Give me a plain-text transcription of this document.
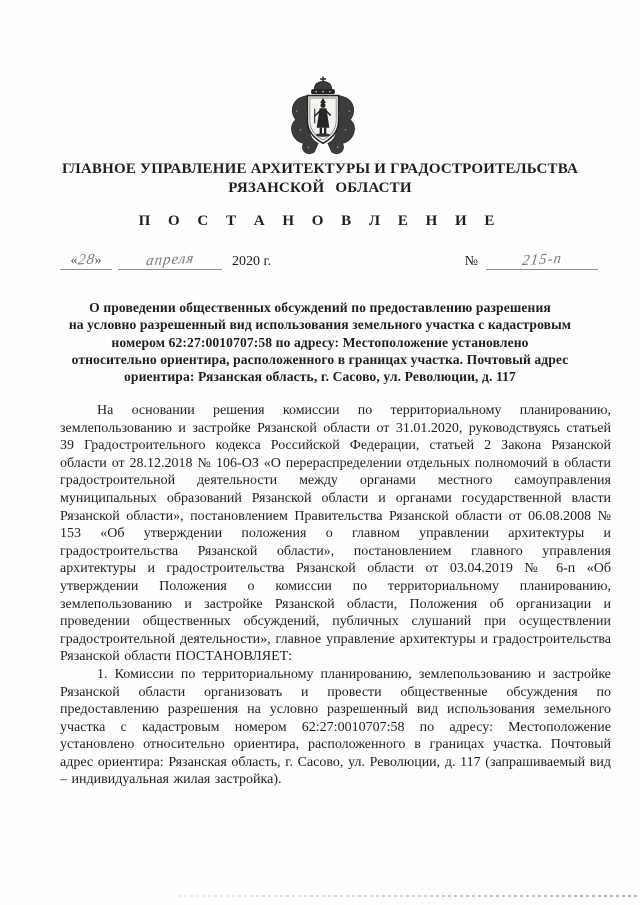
ГЛАВНОЕ УПРАВЛЕНИЕ АРХИТЕКТУРЫ И ГРАДОСТРОИТЕЛЬСТВА
РЯЗАНСКОЙ ОБЛАСТИ
П О С Т А Н О В Л Е Н И Е
«28»	апреля	2020 г.	№	215-п
О проведении общественных обсуждений по предоставлению разрешения
на условно разрешенный вид использования земельного участка с кадастровым
номером 62:27:0010707:58 по адресу: Местоположение установлено
относительно ориентира, расположенного в границах участка. Почтовый адрес
ориентира: Рязанская область, г. Сасово, ул. Революции, д. 117

На основании решения комиссии по территориальному планированию, землепользованию и застройке Рязанской области от 31.01.2020, руководствуясь статьей 39 Градостроительного кодекса Российской Федерации, статьей 2 Закона Рязанской области от 28.12.2018 № 106-ОЗ «О перераспределении отдельных полномочий в области градостроительной деятельности между органами местного самоуправления муниципальных образований Рязанской области и органами государственной власти Рязанской области», постановлением Правительства Рязанской области от 06.08.2008 № 153 «Об утверждении положения о главном управлении архитектуры и градостроительства Рязанской области», постановлением главного управления архитектуры и градостроительства Рязанской области от 03.04.2019 № 6-п «Об утверждении Положения о комиссии по территориальному планированию, землепользованию и застройке Рязанской области, Положения об организации и проведении общественных обсуждений, публичных слушаний при осуществлении градостроительной деятельности», главное управление архитектуры и градостроительства Рязанской области ПОСТАНОВЛЯЕТ:

1. Комиссии по территориальному планированию, землепользованию и застройке Рязанской области организовать и провести общественные обсуждения по предоставлению разрешения на условно разрешенный вид использования земельного участка с кадастровым номером 62:27:0010707:58 по адресу: Местоположение установлено относительно ориентира, расположенного в границах участка. Почтовый адрес ориентира: Рязанская область, г. Сасово, ул. Революции, д. 117 (запрашиваемый вид – индивидуальная жилая застройка).
